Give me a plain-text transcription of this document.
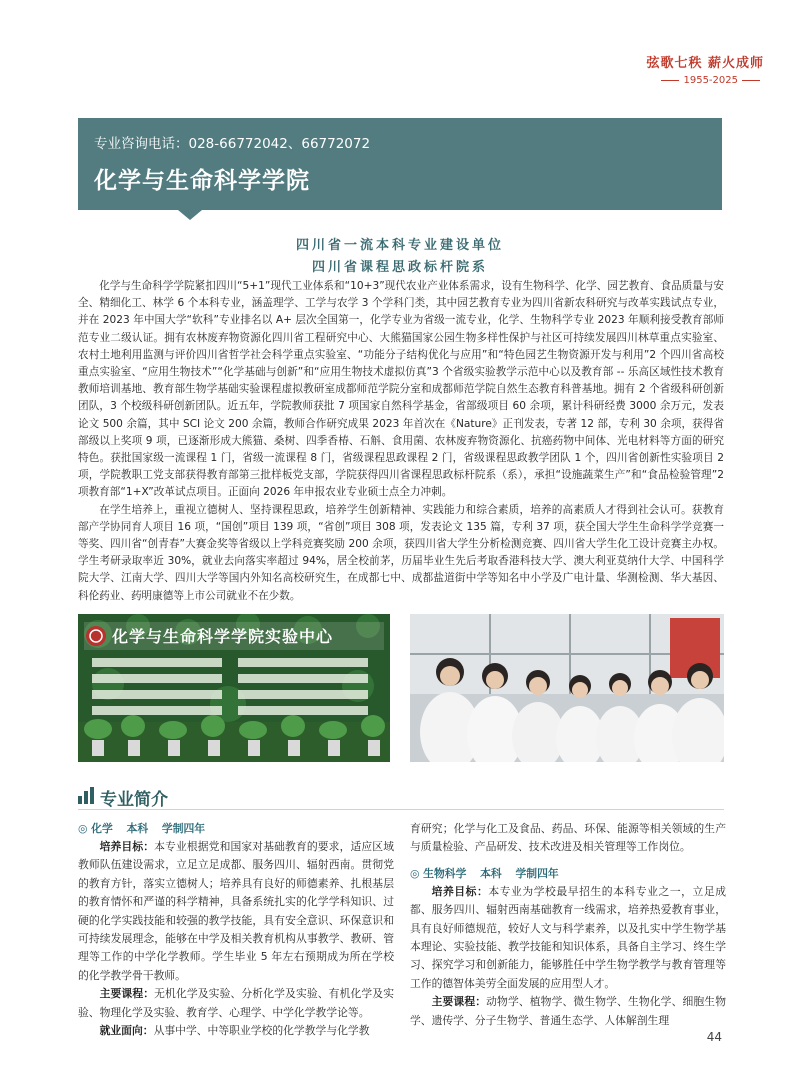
弦歌七秩 薪火成师
1955-2025
专业咨询电话：028-66772042、66772072
化学与生命科学学院
四川省一流本科专业建设单位
四川省课程思政标杆院系

化学与生命科学学院紧扣四川“5+1”现代工业体系和“10+3”现代农业产业体系需求，设有生物科学、化学、园艺教育、食品质量与安全、精细化工、林学 6 个本科专业，涵盖理学、工学与农学 3 个学科门类，其中园艺教育专业为四川省新农科研究与改革实践试点专业，并在 2023 年中国大学“软科”专业排名以 A+ 层次全国第一，化学专业为省级一流专业，化学、生物科学专业 2023 年顺利接受教育部师范专业二级认证。拥有农林废弃物资源化四川省工程研究中心、大熊猫国家公园生物多样性保护与社区可持续发展四川林草重点实验室、农村土地利用监测与评价四川省哲学社会科学重点实验室、“功能分子结构优化与应用”和“特色园艺生物资源开发与利用”2 个四川省高校重点实验室、“应用生物技术”“化学基础与创新”和“应用生物技术虚拟仿真”3 个省级实验教学示范中心以及教育部 -- 乐高区域性技术教育教师培训基地、教育部生物学基础实验课程虚拟教研室成都师范学院分室和成都师范学院自然生态教育科普基地。拥有 2 个省级科研创新团队，3 个校级科研创新团队。近五年，学院教师获批 7 项国家自然科学基金，省部级项目 60 余项，累计科研经费 3000 余万元，发表论文 500 余篇，其中 SCI 论文 200 余篇，教师合作研究成果 2023 年首次在《Nature》正刊发表，专著 12 部，专利 30 余项，获得省部级以上奖项 9 项，已逐渐形成大熊猫、桑树、四季香椿、石斛、食用菌、农林废弃物资源化、抗癌药物中间体、光电材料等方面的研究特色。获批国家级一流课程 1 门，省级一流课程 8 门，省级课程思政课程 2 门，省级课程思政教学团队 1 个，四川省创新性实验项目 2 项，学院教职工党支部获得教育部第三批样板党支部，学院获得四川省课程思政标杆院系（系），承担“设施蔬菜生产”和“食品检验管理”2 项教育部“1+X”改革试点项目。正面向 2026 年申报农业专业硕士点全力冲刺。

在学生培养上，重视立德树人、坚持课程思政，培养学生创新精神、实践能力和综合素质，培养的高素质人才得到社会认可。获教育部产学协同育人项目 16 项，“国创”项目 139 项，“省创”项目 308 项，发表论文 135 篇，专利 37 项，获全国大学生生命科学学竞赛一等奖、四川省“创青春”大赛金奖等省级以上学科竞赛奖励 200 余项，获四川省大学生分析检测竞赛、四川省大学生化工设计竞赛主办权。学生考研录取率近 30%，就业去向落实率超过 94%，居全校前茅，历届毕业生先后考取香港科技大学、澳大利亚莫纳什大学、中国科学院大学、江南大学、四川大学等国内外知名高校研究生，在成都七中、成都盐道街中学等知名中小学及广电计量、华测检测、华大基因、科伦药业、药明康德等上市公司就业不在少数。

化学与生命科学学院实验中心
专业简介
◎ 化学 本科 学制四年

培养目标：本专业根据党和国家对基础教育的要求，适应区域教师队伍建设需求，立足立足成都、服务四川、辐射西南。贯彻党的教育方针，落实立德树人；培养具有良好的师德素养、扎根基层的教育情怀和严谨的科学精神，具备系统扎实的化学学科知识、过硬的化学实践技能和较强的教学技能，具有安全意识、环保意识和可持续发展理念，能够在中学及相关教育机构从事教学、教研、管理等工作的中学化学教师。学生毕业 5 年左右预期成为所在学校的化学教学骨干教师。

主要课程：无机化学及实验、分析化学及实验、有机化学及实验、物理化学及实验、教育学、心理学、中学化学教学论等。

就业面向：从事中学、中等职业学校的化学教学与化学教

育研究；化学与化工及食品、药品、环保、能源等相关领域的生产与质量检验、产品研发、技术改进及相关管理等工作岗位。

◎ 生物科学 本科 学制四年

培养目标：本专业为学校最早招生的本科专业之一，立足成都、服务四川、辐射西南基础教育一线需求，培养热爱教育事业，具有良好师德规范，较好人文与科学素养，以及扎实中学生物学基本理论、实验技能、教学技能和知识体系，具备自主学习、终生学习、探究学习和创新能力，能够胜任中学生物学教学与教育管理等工作的德智体美劳全面发展的应用型人才。

主要课程：动物学、植物学、微生物学、生物化学、细胞生物学、遗传学、分子生物学、普通生态学、人体解剖生理

44
